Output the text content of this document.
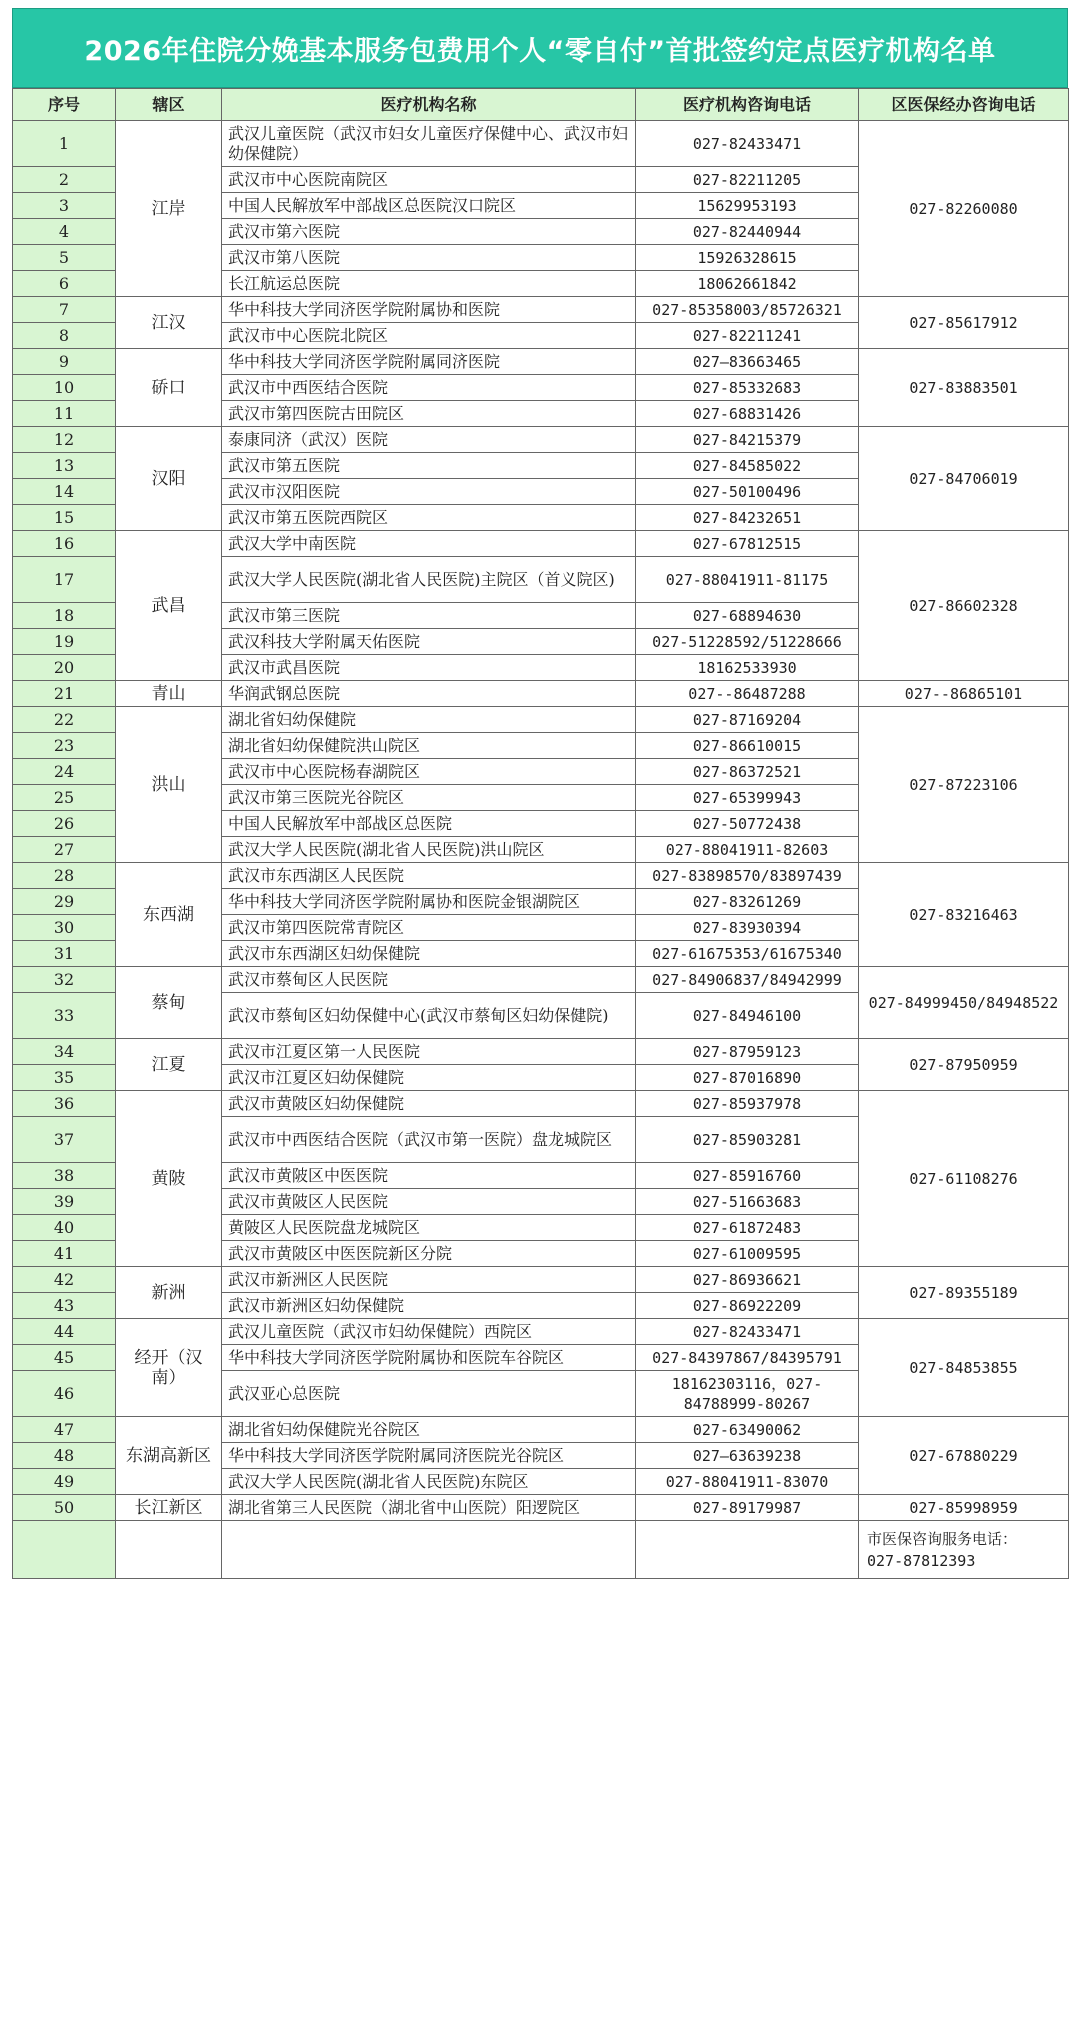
2026年住院分娩基本服务包费用个人“零自付”首批签约定点医疗机构名单
序号	辖区	医疗机构名称	医疗机构咨询电话	区医保经办咨询电话
1	江岸	武汉儿童医院（武汉市妇女儿童医疗保健中心、武汉市妇幼保健院）	027-82433471	027-82260080
2		武汉市中心医院南院区	027-82211205	
3		中国人民解放军中部战区总医院汉口院区	15629953193	
4		武汉市第六医院	027-82440944	
5		武汉市第八医院	15926328615	
6		长江航运总医院	18062661842	
7	江汉	华中科技大学同济医学院附属协和医院	027-85358003/85726321	027-85617912
8		武汉市中心医院北院区	027-82211241	
9	硚口	华中科技大学同济医学院附属同济医院	027—83663465	027-83883501
10		武汉市中西医结合医院	027-85332683	
11		武汉市第四医院古田院区	027-68831426	
12	汉阳	泰康同济（武汉）医院	027-84215379	027-84706019
13		武汉市第五医院	027-84585022	
14		武汉市汉阳医院	027-50100496	
15		武汉市第五医院西院区	027-84232651	
16	武昌	武汉大学中南医院	027-67812515	027-86602328
17		武汉大学人民医院(湖北省人民医院)主院区（首义院区)	027-88041911-81175	
18		武汉市第三医院	027-68894630	
19		武汉科技大学附属天佑医院	027-51228592/51228666	
20		武汉市武昌医院	18162533930	
21	青山	华润武钢总医院	027--86487288	027--86865101
22	洪山	湖北省妇幼保健院	027-87169204	027-87223106
23		湖北省妇幼保健院洪山院区	027-86610015	
24		武汉市中心医院杨春湖院区	027-86372521	
25		武汉市第三医院光谷院区	027-65399943	
26		中国人民解放军中部战区总医院	027-50772438	
27		武汉大学人民医院(湖北省人民医院)洪山院区	027-88041911-82603	
28	东西湖	武汉市东西湖区人民医院	027-83898570/83897439	027-83216463
29		华中科技大学同济医学院附属协和医院金银湖院区	027-83261269	
30		武汉市第四医院常青院区	027-83930394	
31		武汉市东西湖区妇幼保健院	027-61675353/61675340	
32	蔡甸	武汉市蔡甸区人民医院	027-84906837/84942999	027-84999450/84948522
33		武汉市蔡甸区妇幼保健中心(武汉市蔡甸区妇幼保健院)	027-84946100	
34	江夏	武汉市江夏区第一人民医院	027-87959123	027-87950959
35		武汉市江夏区妇幼保健院	027-87016890	
36	黄陂	武汉市黄陂区妇幼保健院	027-85937978	027-61108276
37		武汉市中西医结合医院（武汉市第一医院）盘龙城院区	027-85903281	
38		武汉市黄陂区中医医院	027-85916760	
39		武汉市黄陂区人民医院	027-51663683	
40		黄陂区人民医院盘龙城院区	027-61872483	
41		武汉市黄陂区中医医院新区分院	027-61009595	
42	新洲	武汉市新洲区人民医院	027-86936621	027-89355189
43		武汉市新洲区妇幼保健院	027-86922209	
44	经开（汉南）	武汉儿童医院（武汉市妇幼保健院）西院区	027-82433471	027-84853855
45		华中科技大学同济医学院附属协和医院车谷院区	027-84397867/84395791	
46		武汉亚心总医院	18162303116，027-84788999-80267	
47	东湖高新区	湖北省妇幼保健院光谷院区	027-63490062	027-67880229
48		华中科技大学同济医学院附属同济医院光谷院区	027—63639238	
49		武汉大学人民医院(湖北省人民医院)东院区	027-88041911-83070	
50	长江新区	湖北省第三人民医院（湖北省中山医院）阳逻院区	027-89179987	027-85998959

				市医保咨询服务电话：
027-87812393
